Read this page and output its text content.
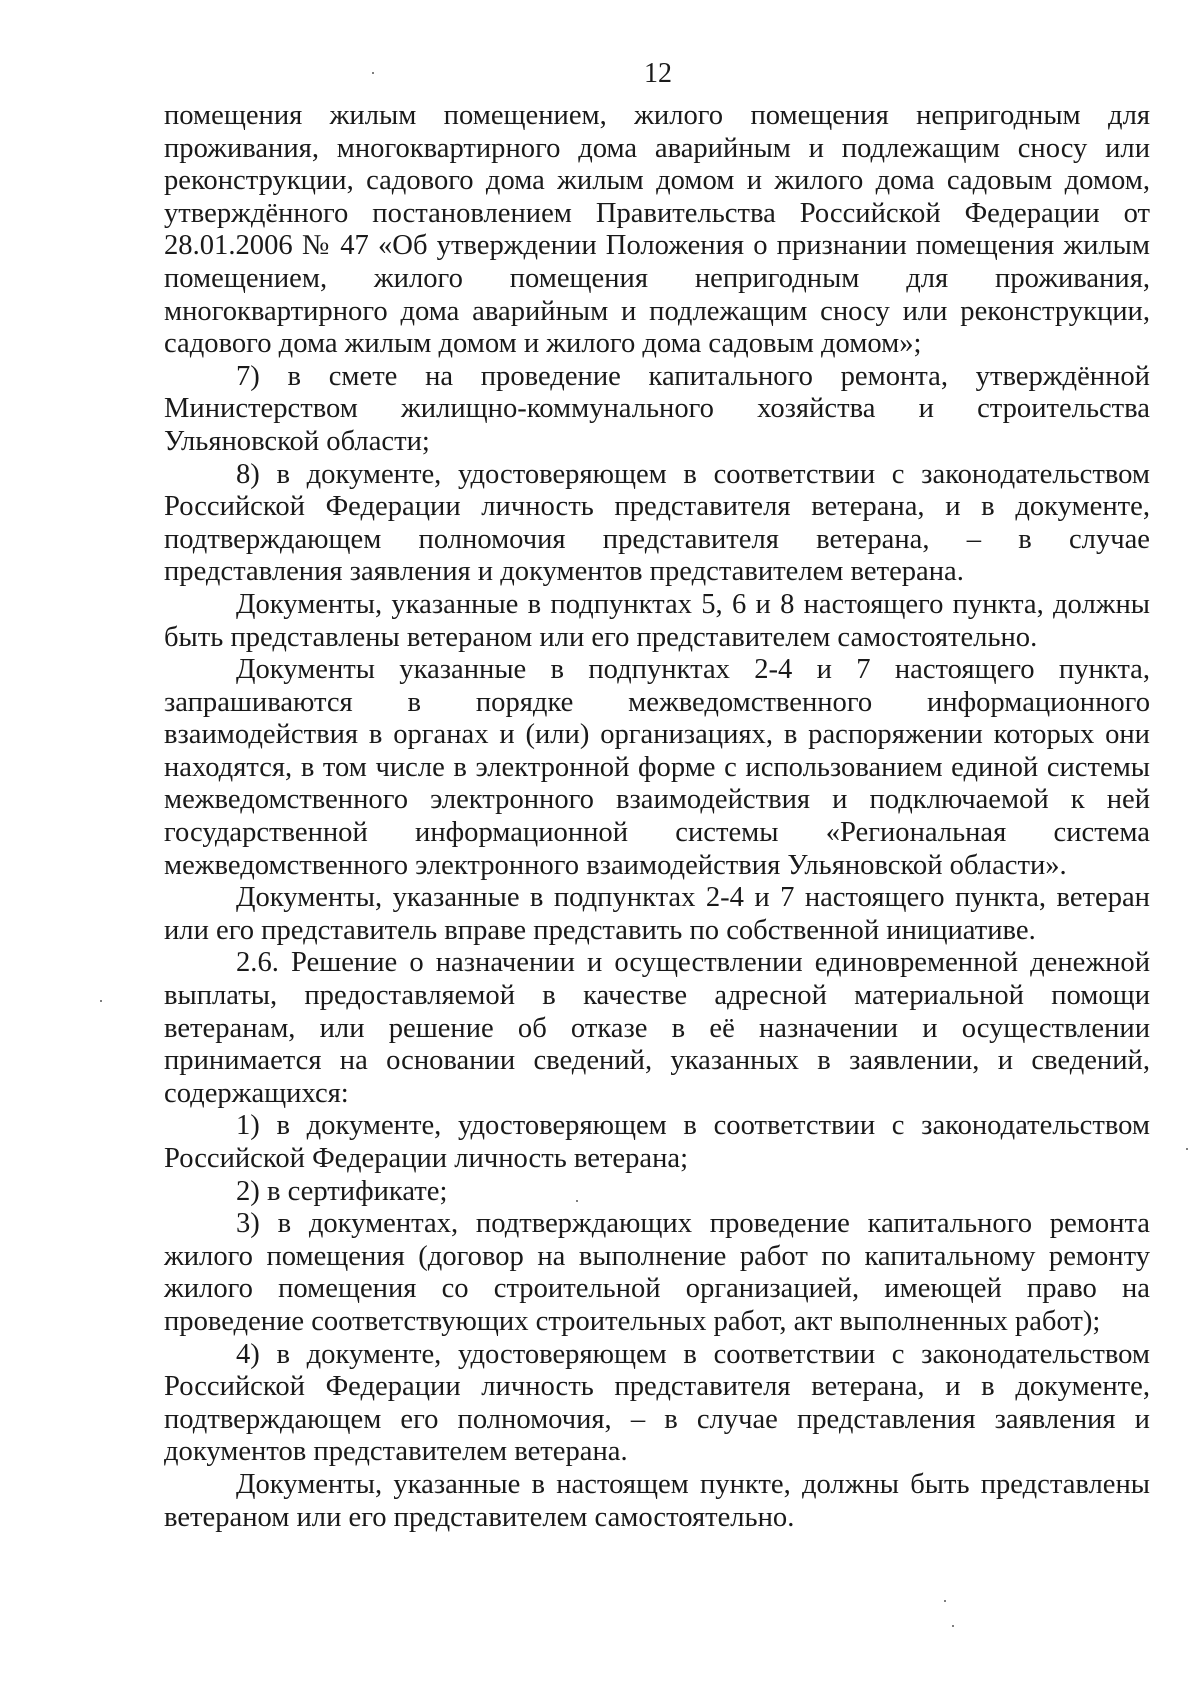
12

помещения жилым помещением, жилого помещения непригодным для проживания, многоквартирного дома аварийным и подлежащим сносу или реконструкции, садового дома жилым домом и жилого дома садовым домом, утверждённого постановлением Правительства Российской Федерации от 28.01.2006 № 47 «Об утверждении Положения о признании помещения жилым помещением, жилого помещения непригодным для проживания, многоквартирного дома аварийным и подлежащим сносу или реконструкции, садового дома жилым домом и жилого дома садовым домом»;

7) в смете на проведение капитального ремонта, утверждённой Министерством жилищно-коммунального хозяйства и строительства Ульяновской области;

8) в документе, удостоверяющем в соответствии с законодательством Российской Федерации личность представителя ветерана, и в документе, подтверждающем полномочия представителя ветерана, – в случае представления заявления и документов представителем ветерана.

Документы, указанные в подпунктах 5, 6 и 8 настоящего пункта, должны быть представлены ветераном или его представителем самостоятельно.

Документы указанные в подпунктах 2-4 и 7 настоящего пункта, запрашиваются в порядке межведомственного информационного взаимодействия в органах и (или) организациях, в распоряжении которых они находятся, в том числе в электронной форме с использованием единой системы межведомственного электронного взаимодействия и подключаемой к ней государственной информационной системы «Региональная система межведомственного электронного взаимодействия Ульяновской области».

Документы, указанные в подпунктах 2-4 и 7 настоящего пункта, ветеран или его представитель вправе представить по собственной инициативе.

2.6. Решение о назначении и осуществлении единовременной денежной выплаты, предоставляемой в качестве адресной материальной помощи ветеранам, или решение об отказе в её назначении и осуществлении принимается на основании сведений, указанных в заявлении, и сведений, содержащихся:

1) в документе, удостоверяющем в соответствии с законодательством Российской Федерации личность ветерана;

2) в сертификате;

3) в документах, подтверждающих проведение капитального ремонта жилого помещения (договор на выполнение работ по капитальному ремонту жилого помещения со строительной организацией, имеющей право на проведение соответствующих строительных работ, акт выполненных работ);

4) в документе, удостоверяющем в соответствии с законодательством Российской Федерации личность представителя ветерана, и в документе, подтверждающем его полномочия, – в случае представления заявления и документов представителем ветерана.

Документы, указанные в настоящем пункте, должны быть представлены ветераном или его представителем самостоятельно.
